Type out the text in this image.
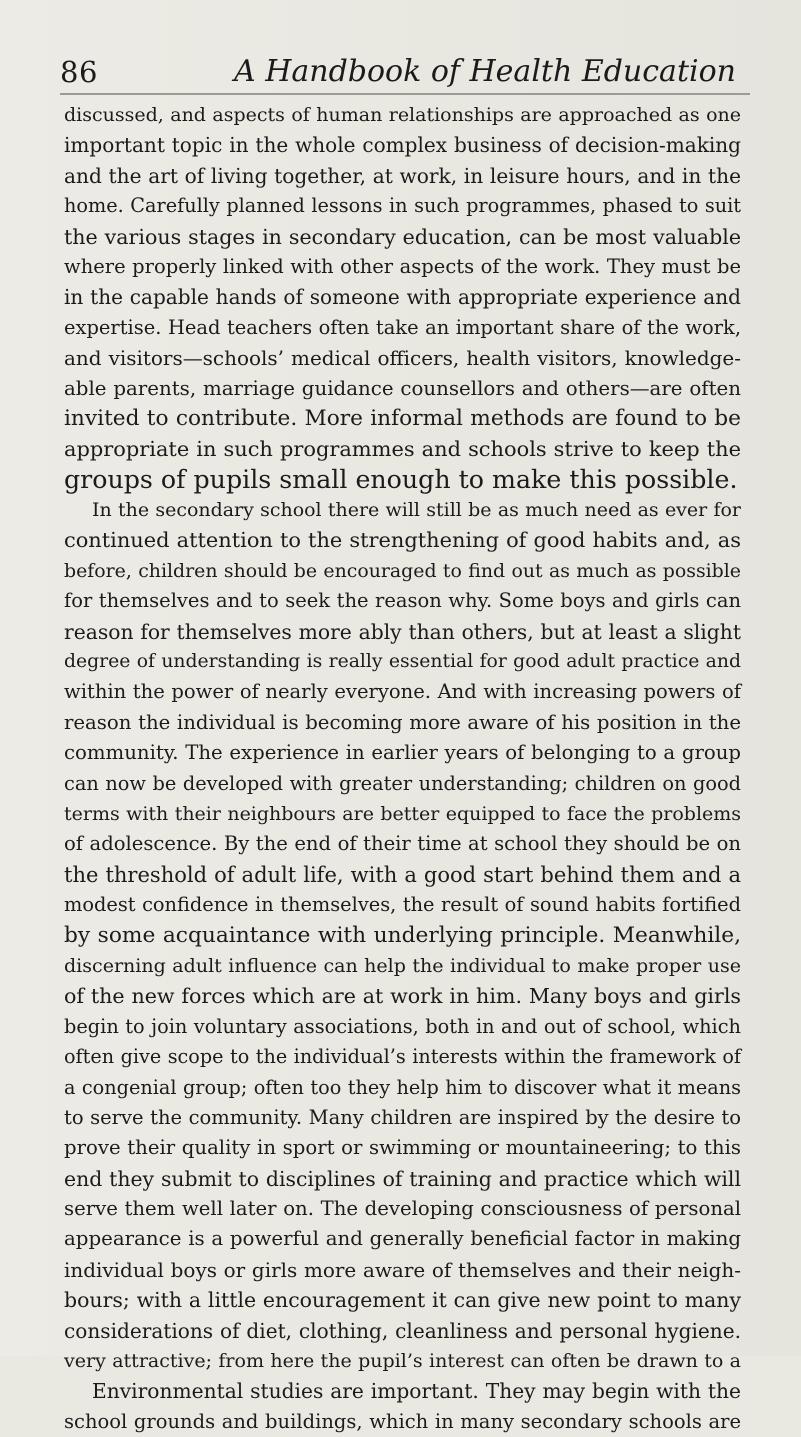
86	A Handbook of Health Education
discussed, and aspects of human relationships are approached as one
important topic in the whole complex business of decision-making
and the art of living together, at work, in leisure hours, and in the
home. Carefully planned lessons in such programmes, phased to suit
the various stages in secondary education, can be most valuable
where properly linked with other aspects of the work. They must be
in the capable hands of someone with appropriate experience and
expertise. Head teachers often take an important share of the work,
and visitors—schools’ medical officers, health visitors, knowledge-
able parents, marriage guidance counsellors and others—are often
invited to contribute. More informal methods are found to be
appropriate in such programmes and schools strive to keep the
groups of pupils small enough to make this possible.
In the secondary school there will still be as much need as ever for
continued attention to the strengthening of good habits and, as
before, children should be encouraged to find out as much as possible
for themselves and to seek the reason why. Some boys and girls can
reason for themselves more ably than others, but at least a slight
degree of understanding is really essential for good adult practice and
within the power of nearly everyone. And with increasing powers of
reason the individual is becoming more aware of his position in the
community. The experience in earlier years of belonging to a group
can now be developed with greater understanding; children on good
terms with their neighbours are better equipped to face the problems
of adolescence. By the end of their time at school they should be on
the threshold of adult life, with a good start behind them and a
modest confidence in themselves, the result of sound habits fortified
by some acquaintance with underlying principle. Meanwhile,
discerning adult influence can help the individual to make proper use
of the new forces which are at work in him. Many boys and girls
begin to join voluntary associations, both in and out of school, which
often give scope to the individual’s interests within the framework of
a congenial group; often too they help him to discover what it means
to serve the community. Many children are inspired by the desire to
prove their quality in sport or swimming or mountaineering; to this
end they submit to disciplines of training and practice which will
serve them well later on. The developing consciousness of personal
appearance is a powerful and generally beneficial factor in making
individual boys or girls more aware of themselves and their neigh-
bours; with a little encouragement it can give new point to many
considerations of diet, clothing, cleanliness and personal hygiene.
very attractive; from here the pupil’s interest can often be drawn to a
Environmental studies are important. They may begin with the
school grounds and buildings, which in many secondary schools are
